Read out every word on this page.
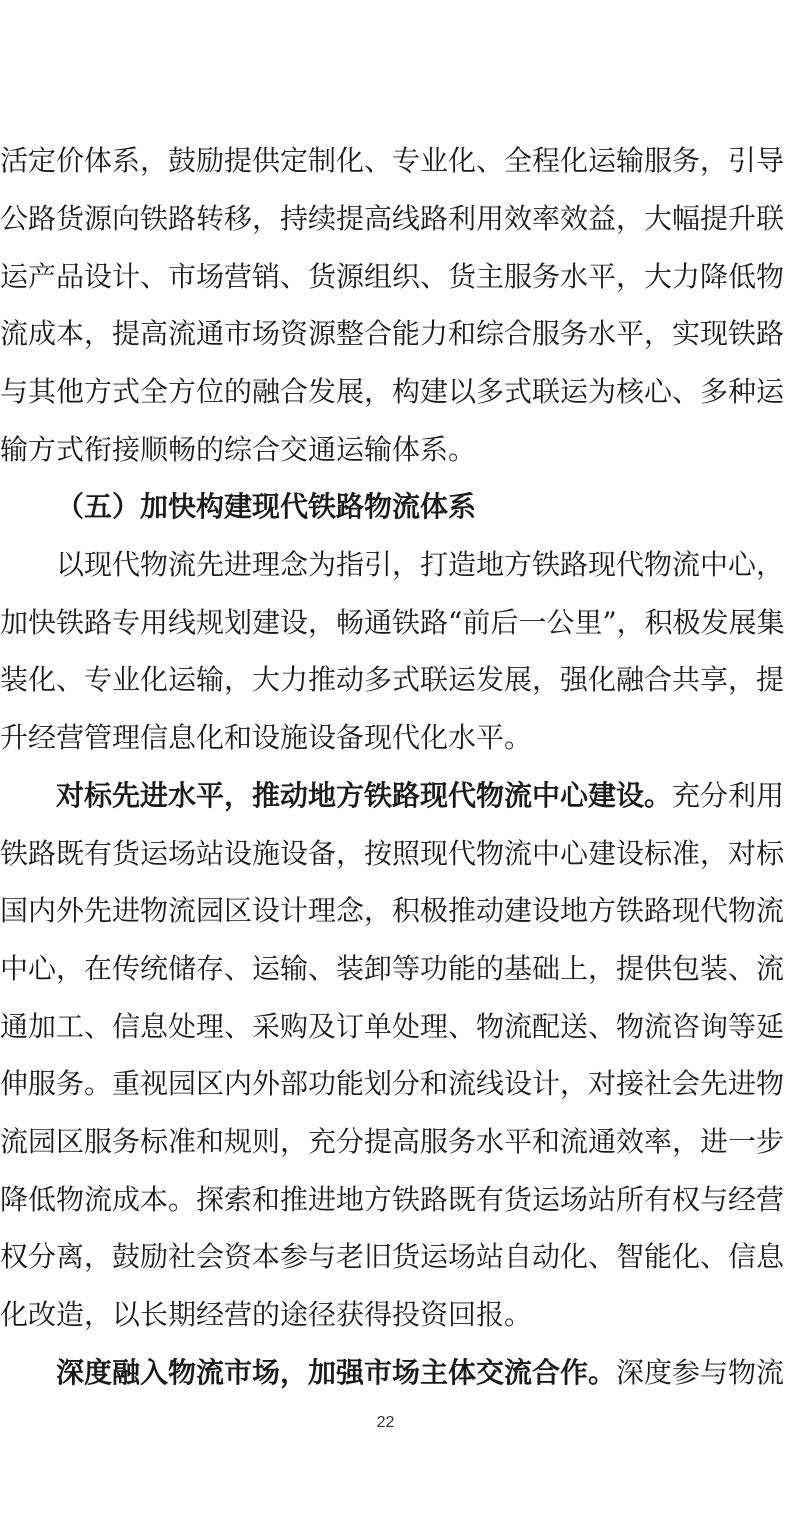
活定价体系，鼓励提供定制化、专业化、全程化运输服务，引导
公路货源向铁路转移，持续提高线路利用效率效益，大幅提升联
运产品设计、市场营销、货源组织、货主服务水平，大力降低物
流成本，提高流通市场资源整合能力和综合服务水平，实现铁路
与其他方式全方位的融合发展，构建以多式联运为核心、多种运
输方式衔接顺畅的综合交通运输体系。
（五）加快构建现代铁路物流体系
以现代物流先进理念为指引，打造地方铁路现代物流中心，
加快铁路专用线规划建设，畅通铁路“前后一公里”，积极发展集
装化、专业化运输，大力推动多式联运发展，强化融合共享，提
升经营管理信息化和设施设备现代化水平。
对标先进水平，推动地方铁路现代物流中心建设。充分利用
铁路既有货运场站设施设备，按照现代物流中心建设标准，对标
国内外先进物流园区设计理念，积极推动建设地方铁路现代物流
中心，在传统储存、运输、装卸等功能的基础上，提供包装、流
通加工、信息处理、采购及订单处理、物流配送、物流咨询等延
伸服务。重视园区内外部功能划分和流线设计，对接社会先进物
流园区服务标准和规则，充分提高服务水平和流通效率，进一步
降低物流成本。探索和推进地方铁路既有货运场站所有权与经营
权分离，鼓励社会资本参与老旧货运场站自动化、智能化、信息
化改造，以长期经营的途径获得投资回报。
深度融入物流市场，加强市场主体交流合作。深度参与物流
22
